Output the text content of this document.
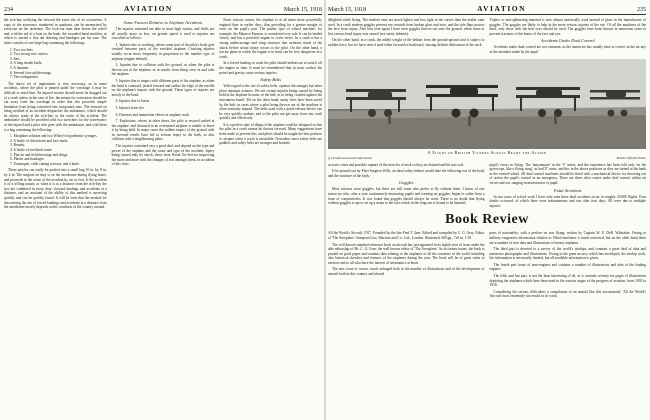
234	AVIATION	March 15, 1918

the sick-bay notifying the steward the exact site of its occurrence. A copy of the assurance, numbered in quadrant, can be memorized by everyone on the airdrome. The look-out man then leaves the wheel and, with the aid of a boat on the bank, the wounded hand stretcher, in which is carried a first aid dressing and bandages put his case. The latter consists of one large bag containing the following:

1. Two crochets.
2. Two strong wire cutters.
3. Saw.
4. A long sheath knife.
5. A hammer.
6. Several first-aid dressings.
7. Fire extinguisher.

The above set of implements is very necessary, as in some accidents, where the pilot is pinned under the wreckage it may be difficult to reach him. An injured aviator should never be dragged out of a crash unless in the case of fire, but means for extrication should be cut away from the wreckage in order that this proceeds simple limitation from being converted into compound ones. The steward on being notified of an accident despatches the ambulance, which should be always ready at the sick-bay, to the scene of the accident. The ambulance should be provided with two stretchers for the conveyance of the injured and a pilot who goes with the ambulance, and with them is a bag containing the following:

1. Morphine solution and two Wilsey's hypodermic syringes.
2. A bottle of chloroform and face mask.
3. Brandy.
4. A bottle of sterilized water.
5. Pint tin and field dressings and slings.
6. Plaster and bandages.
7. Tourniquet, cloth cutting scissors, and a knife.

These articles can easily be packed into a small bag 10 in. by 8 in. by 4 in. The surgeon on duty is on the aerodrome during flying hours, and proceeds to the scene of the accident by car or foot. If the accident is of a trifling nature, or when it is at a distance from the sick-bay the two are combined in every duty: forward landings and accidents at a distance, and an assistant of the ability of this method is surviving quickly and can be quickly found. It will be seen that the method for discovering the site of forced landings and accidents at a distance from the aerodrome mostly depends on the condition of the country around.

Some Factors Relative to Airplane Accidents

The injuries sustained are able to most high variety, and fields are all usually more or less, on greater speed is used to injuries are classified as follows:

1. Injuries due to crashing, where some part of the pilot's body gets crushed between parts of the wrecked airplane. Crashing injuries usually occur more frequently in proportion to the number type of airplane (engine behind).

2. Injuries due to collision with the ground, as when the pilot is thrown out of the airplane, or as results from being crew in and with the airplane.

3. Injuries due to impact with different parts of the airplane, as when the head is contused, jerked forward and strikes the edge of the nacelle on the airplane's impact with the ground. These types of injuries are mostly to the head.

4. Injuries due to burns.

5. Injuries from fire.

6. Diseases and immersion effects in airplane work.

7. Explosions, where, at other times, the pilot is rescued rushed at the airplane, and drowned in an overturned airplane is unable to leave it by being held. In many cases the sudden impact of the ground with its stressed results have led to serious injury to the body, as also collision with a neighbouring plane.

The injuries contained vary a good deal, and depend on the type and power of the airplane and the cause and type of the accident. Injury being caused only by shock; those from Naval Air Service improving the more and more with the changes of lost amongst them, in accidents of this class.

From various causes, the airplane is at all times more powerfully engined than in earlier days, thus providing for a greater margin of error on the pupil's part. The pusher type of school machine, for example, the Maurice-Farman, is considered very safe. It can be landed slowly, and has a powerful engine to cover errors. In a crash it has a strong undercarriage and wing structure that cushions much of the shock before actual injury occurs to the pilot. On the other hand, a tractor plane in which the engine is in front can be very dangerous in a crash.

In a forced landing or crash the pilot should endeavour to switch off the engine in time. It must be remembered that in most crashes the petrol and gravity cause serious injuries.

Safety Belts

With regard to the use of safety belts, opinion discourages but takes place amongst aviators. We see certain injuries being caused by being held in the airplane because of the belt, as in being crushed against the instrument board. Yet on the other hand, many lives have been saved by the belt; in cases where a pilot being thrown out of the machine is often seriously injured. The belts used with a quick-release device can be very quickly undone, and so the pilot can get away from any crash quickly and effectively.

It is a perfect state of things if the airplane could be designed so that the pilot in a crash cannot be thrown forward. Many suggestions have been made to prevent this, and pilots should be taught the best position to assume when a crash is inevitable. Nowadays most safety belts are padded, and safety belts are stronger and broader.

March 15, 1918	AVIATION	235

delighted while flying. The modern ones are much lighter and less tight in the curves than the earlier ones used. In a crash modern goggles prevent eye wounds from broken glass and wire, and the side flaps protect the face from injury. Also best over again I have seen goggles thrown out onto the ground, when more or less serious head injury was caused (see safety helmets).

On the other hand, in a crash, the added weight of the helmet from the ground upward and is subject to sudden force, but we have seen it used either forward or backward, causing definite dislocation of the neck.

Triplex or non-splintering material is now almost universally used instead of glass in the manufacture of goggles. The goggles are likely to help in the more serious injuries of the eye. Of all the machines of the kind, only those with the best eyes should be used. The goggles have been known in numerous cases to prevent fractures of the bones of the face and eye.

Accidents Under Dual Control

Accidents under dual control are not common, as the instructor has usually time to correct in the air any of the mistakes made by the pupil.

A Flight of British Vickers Scouts Ready for Action
(c) Underwood and Underwood	British Official Photo

at acute crises and possible rupture of the muscles of neck so they are bruised and hit into soft.

It be pointed out by Fleet Surgeon Wills, an ideal safety helmet would take the following out of the body and the structure of the body.

Goggles

Most aviators wear goggles, but there are still some who prefer to fly without them. I know of one instructor who, after a year continuously instructing pupils and wearing no goggles, began to suffer from a form of conjunctivitis. It was found that goggles should always be worn. There is no doubt that flying without goggles is apt to set up a strain to the eyes which in the long run is bound to be harmful.

pupil's errors in flying. The 'mayonnaise' in the 'V' series, and the experience has been told only 'on the gyroscope, like a flying wing', as had 'E' turns, and this in the above positions as they are turned at the bank in the control-wheel. All dual control machines should be fitted with a mechanical device for throwing out of action the pupil's control in an emergency. There are three other routes under dual control within air forces and out, ranging from instructor or pupil.

Fatal Accidents

In two years of school work I have only seen three fatal accidents occur in roughly 20,000 flights. Four deaths occurred, of which three were instantaneous and one after four days. All were due to multiple injuries.

Book Review

All the World's Aircraft, 1917. Founded by the late Fred T. Jane. Edited and compiled by C. G. Grey, Editor of 'The Aeroplane.' Sampson Low, Marston and Co., Ltd., London. Illustrated, 600 pp., 7x9 in. 1.50.

The well known standard reference book on aircraft has just appeared in its eighth year of issue under the able editorship of Mr. C. G. Grey, the well known editor of 'The Aeroplane.' As in former issues, the book is printed on good paper and contains data relating to the airplanes of all the countries of the world including also historical sketches and features of the airplanes during the year. The book will be of great value to aviators and to all who have the interest of aeronautics at heart.

The new issue of course, much enlarged both in the number of illustrations and of the development of aircraft both in this country and abroad.

parts of nationality; with a preface on war flying; written by Captain W. E. DeB. Whittaker. Owing to military exigencies information relative to Allied machines is much restricted, but on the other hand there are a number of new data and illustrations of enemy airplanes.

The third part is devoted to a survey of the world's airships, and contains a great deal of data and numerous photographs and illustrations. Owing to the great secrecy which has enveloped, the airship work, the information is necessarily limited, but all available information is given.

The fourth part treats of aero-engines and contains a number of illustrations and data of the leading engines.

The fifth, and last part, is not the least interesting of all, as it contains seventy-six pages of illustrations depicting the airplanes which have been used in the various stages of the progress of aviation, from 1902 to 1916.

Considering the serious difficulties a compilation of an annual like this encountered, 'All the World's Aircraft' most eminently successful in its work.
